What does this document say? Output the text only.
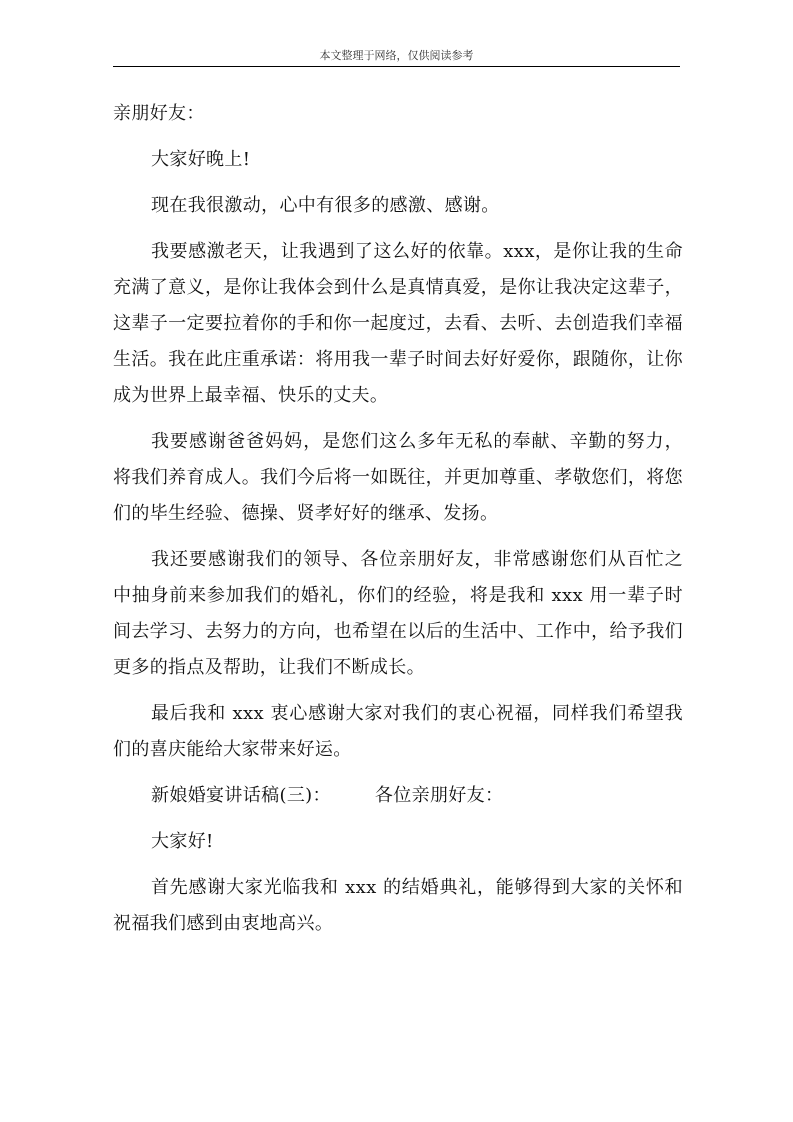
本文整理于网络，仅供阅读参考

亲朋好友：

大家好晚上!

现在我很激动，心中有很多的感激、感谢。

我要感激老天，让我遇到了这么好的依靠。xxx，是你让我的生命充满了意义，是你让我体会到什么是真情真爱，是你让我决定这辈子，这辈子一定要拉着你的手和你一起度过，去看、去听、去创造我们幸福生活。我在此庄重承诺：将用我一辈子时间去好好爱你，跟随你，让你成为世界上最幸福、快乐的丈夫。

我要感谢爸爸妈妈，是您们这么多年无私的奉献、辛勤的努力，将我们养育成人。我们今后将一如既往，并更加尊重、孝敬您们，将您们的毕生经验、德操、贤孝好好的继承、发扬。

我还要感谢我们的领导、各位亲朋好友，非常感谢您们从百忙之中抽身前来参加我们的婚礼，你们的经验，将是我和 xxx 用一辈子时间去学习、去努力的方向，也希望在以后的生活中、工作中，给予我们更多的指点及帮助，让我们不断成长。

最后我和 xxx 衷心感谢大家对我们的衷心祝福，同样我们希望我们的喜庆能给大家带来好运。

新娘婚宴讲话稿(三)： 各位亲朋好友：

大家好!

首先感谢大家光临我和 xxx 的结婚典礼，能够得到大家的关怀和祝福我们感到由衷地高兴。
